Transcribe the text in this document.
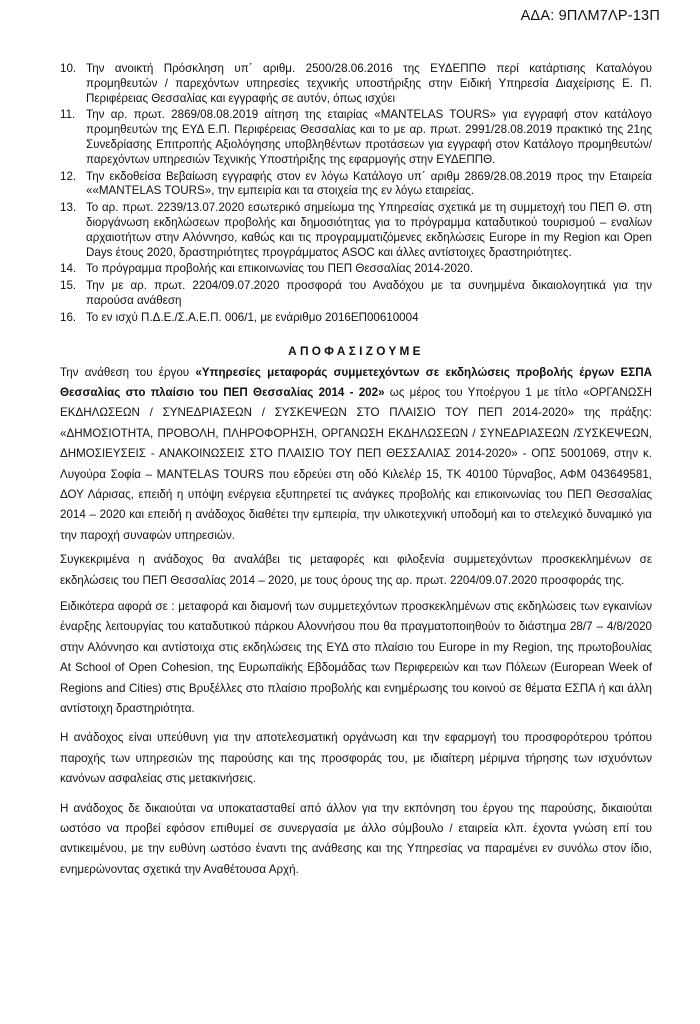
ΑΔΑ: 9ΠΛΜ7ΛΡ-13Π
10. Την ανοικτή Πρόσκληση υπ΄ αριθμ. 2500/28.06.2016 της ΕΥΔΕΠΠΘ περί κατάρτισης Καταλόγου προμηθευτών / παρεχόντων υπηρεσίες τεχνικής υποστήριξης στην Ειδική Υπηρεσία Διαχείρισης Ε. Π. Περιφέρειας Θεσσαλίας και εγγραφής σε αυτόν, όπως ισχύει
11. Την αρ. πρωτ. 2869/08.08.2019 αίτηση της εταιρίας «MANTELAS TOURS» για εγγραφή στον κατάλογο προμηθευτών της ΕΥΔ Ε.Π. Περιφέρειας Θεσσαλίας και το με αρ. πρωτ. 2991/28.08.2019 πρακτικό της 21ης Συνεδρίασης Επιτροπής Αξιολόγησης υποβληθέντων προτάσεων για εγγραφή στον Κατάλογο προμηθευτών/παρεχόντων υπηρεσιών Τεχνικής Υποστήριξης της εφαρμογής στην ΕΥΔΕΠΠΘ.
12. Την εκδοθείσα Βεβαίωση εγγραφής στον εν λόγω Κατάλογο υπ΄ αριθμ 2869/28.08.2019 προς την Εταιρεία ««MANTELAS TOURS», την εμπειρία και τα στοιχεία της εν λόγω εταιρείας.
13. Το αρ. πρωτ. 2239/13.07.2020 εσωτερικό σημείωμα της Υπηρεσίας σχετικά με τη συμμετοχή του ΠΕΠ Θ. στη διοργάνωση εκδηλώσεων προβολής και δημοσιότητας για το πρόγραμμα καταδυτικού τουρισμού – εναλίων αρχαιοτήτων στην Αλόννησο, καθώς και τις προγραμματιζόμενες εκδηλώσεις Europe in my Region και Open Days έτους 2020, δραστηριότητες προγράμματος ASOC και άλλες αντίστοιχες δραστηριότητες.
14. Το πρόγραμμα προβολής και επικοινωνίας του ΠΕΠ Θεσσαλίας 2014-2020.
15. Την με αρ. πρωτ. 2204/09.07.2020 προσφορά του Αναδόχου με τα συνημμένα δικαιολογητικά για την παρούσα ανάθεση
16. Το εν ισχύ Π.Δ.Ε./Σ.Α.Ε.Π. 006/1, με ενάριθμο 2016ΕΠ00610004
ΑΠΟΦΑΣΙΖΟΥΜΕ

Την ανάθεση του έργου «Υπηρεσίες μεταφοράς συμμετεχόντων σε εκδηλώσεις προβολής έργων ΕΣΠΑ Θεσσαλίας στο πλαίσιο του ΠΕΠ Θεσσαλίας 2014 - 202» ως μέρος του Υποέργου 1 με τίτλο «ΟΡΓΑΝΩΣΗ ΕΚΔΗΛΩΣΕΩΝ / ΣΥΝΕΔΡΙΑΣΕΩΝ / ΣΥΣΚΕΨΕΩΝ ΣΤΟ ΠΛΑΙΣΙΟ ΤΟΥ ΠΕΠ 2014-2020» της πράξης: «ΔΗΜΟΣΙΟΤΗΤΑ, ΠΡΟΒΟΛΗ, ΠΛΗΡΟΦΟΡΗΣΗ, ΟΡΓΑΝΩΣΗ ΕΚΔΗΛΩΣΕΩΝ / ΣΥΝΕΔΡΙΑΣΕΩΝ /ΣΥΣΚΕΨΕΩΝ, ΔΗΜΟΣΙΕΥΣΕΙΣ - ΑΝΑΚΟΙΝΩΣΕΙΣ ΣΤΟ ΠΛΑΙΣΙΟ ΤΟΥ ΠΕΠ ΘΕΣΣΑΛΙΑΣ 2014-2020» - ΟΠΣ 5001069, στην κ. Λυγούρα Σοφία – MANTELAS TOURS που εδρεύει στη οδό Κιλελέρ 15, ΤΚ 40100 Τύρναβος, ΑΦΜ 043649581, ΔΟΥ Λάρισας, επειδή η υπόψη ενέργεια εξυπηρετεί τις ανάγκες προβολής και επικοινωνίας του ΠΕΠ Θεσσαλίας 2014 – 2020 και επειδή η ανάδοχος διαθέτει την εμπειρία, την υλικοτεχνική υποδομή και το στελεχικό δυναμικό για την παροχή συναφών υπηρεσιών.

Συγκεκριμένα η ανάδοχος θα αναλάβει τις μεταφορές και φιλοξενία συμμετεχόντων προσκεκλημένων σε εκδηλώσεις του ΠΕΠ Θεσσαλίας 2014 – 2020, με τους όρους της αρ. πρωτ. 2204/09.07.2020 προσφοράς της.

Ειδικότερα αφορά σε : μεταφορά και διαμονή των συμμετεχόντων προσκεκλημένων στις εκδηλώσεις των εγκαινίων έναρξης λειτουργίας του καταδυτικού πάρκου Αλοννήσου που θα πραγματοποιηθούν το διάστημα 28/7 – 4/8/2020 στην Αλόννησο και αντίστοιχα στις εκδηλώσεις της ΕΥΔ στο πλαίσιο του Europe in my Region, της πρωτοβουλίας At School of Open Cohesion, της Ευρωπαϊκής Εβδομάδας των Περιφερειών και των Πόλεων (European Week of Regions and Cities) στις Βρυξέλλες στο πλαίσιο προβολής και ενημέρωσης του κοινού σε θέματα ΕΣΠΑ ή και άλλη αντίστοιχη δραστηριότητα.

Η ανάδοχος είναι υπεύθυνη για την αποτελεσματική οργάνωση και την εφαρμογή του προσφορότερου τρόπου παροχής των υπηρεσιών της παρούσης και της προσφοράς του, με ιδιαίτερη μέριμνα τήρησης των ισχυόντων κανόνων ασφαλείας στις μετακινήσεις.

Η ανάδοχος δε δικαιούται να υποκατασταθεί από άλλον για την εκπόνηση του έργου της παρούσης, δικαιούται ωστόσο να προβεί εφόσον επιθυμεί σε συνεργασία με άλλο σύμβουλο / εταιρεία κλπ. έχοντα γνώση επί του αντικειμένου, με την ευθύνη ωστόσο έναντι της ανάθεσης και της Υπηρεσίας να παραμένει εν συνόλω στον ίδιο, ενημερώνοντας σχετικά την Αναθέτουσα Αρχή.
